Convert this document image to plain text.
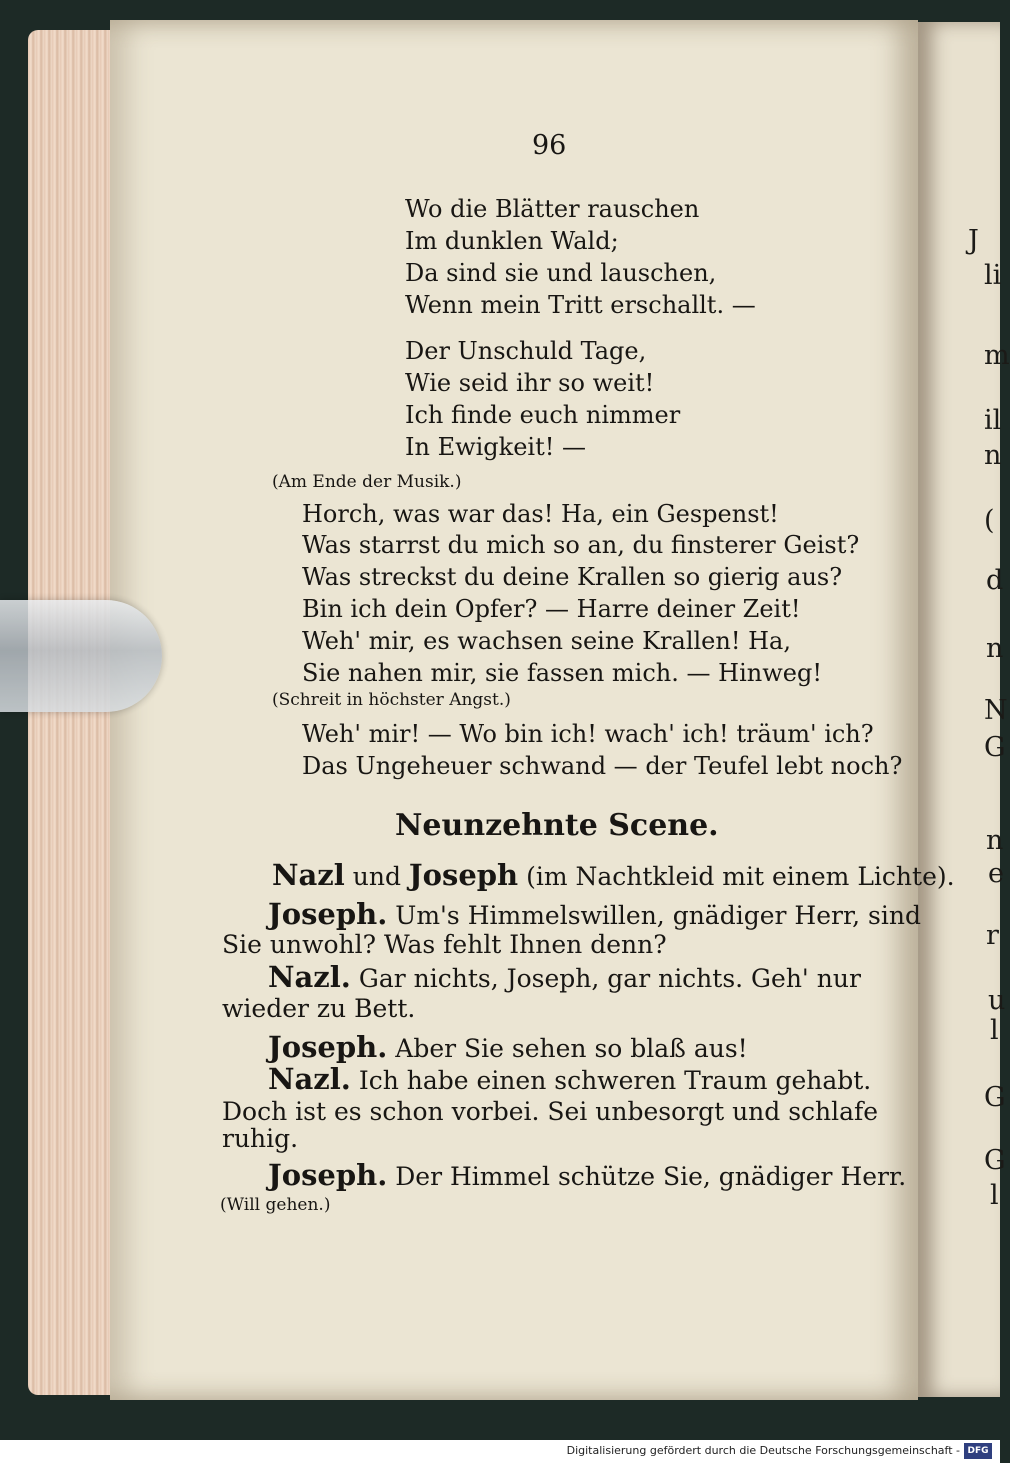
J
li
m
il
n
(
d
n
N
G
n
e
r
u
l
G
G
l
96
Wo die Blätter rauschen
Im dunklen Wald;
Da sind sie und lauschen,
Wenn mein Tritt erschallt. —
Der Unschuld Tage,
Wie seid ihr so weit!
Ich finde euch nimmer
In Ewigkeit! —
(Am Ende der Musik.)
Horch, was war das! Ha, ein Gespenst!
Was starrst du mich so an, du finsterer Geist?
Was streckst du deine Krallen so gierig aus?
Bin ich dein Opfer? — Harre deiner Zeit!
Weh' mir, es wachsen seine Krallen! Ha,
Sie nahen mir, sie fassen mich. — Hinweg!
(Schreit in höchster Angst.)
Weh' mir! — Wo bin ich! wach' ich! träum' ich?
Das Ungeheuer schwand — der Teufel lebt noch?
Neunzehnte Scene.
Nazl und Joseph (im Nachtkleid mit einem Lichte).
Joseph. Um's Himmelswillen, gnädiger Herr, sind
Sie unwohl? Was fehlt Ihnen denn?
Nazl. Gar nichts, Joseph, gar nichts. Geh' nur
wieder zu Bett.
Joseph. Aber Sie sehen so blaß aus!
Nazl. Ich habe einen schweren Traum gehabt.
Doch ist es schon vorbei. Sei unbesorgt und schlafe
ruhig.
Joseph. Der Himmel schütze Sie, gnädiger Herr.
(Will gehen.)
Digitalisierung gefördert durch die Deutsche Forschungsgemeinschaft - DFG
